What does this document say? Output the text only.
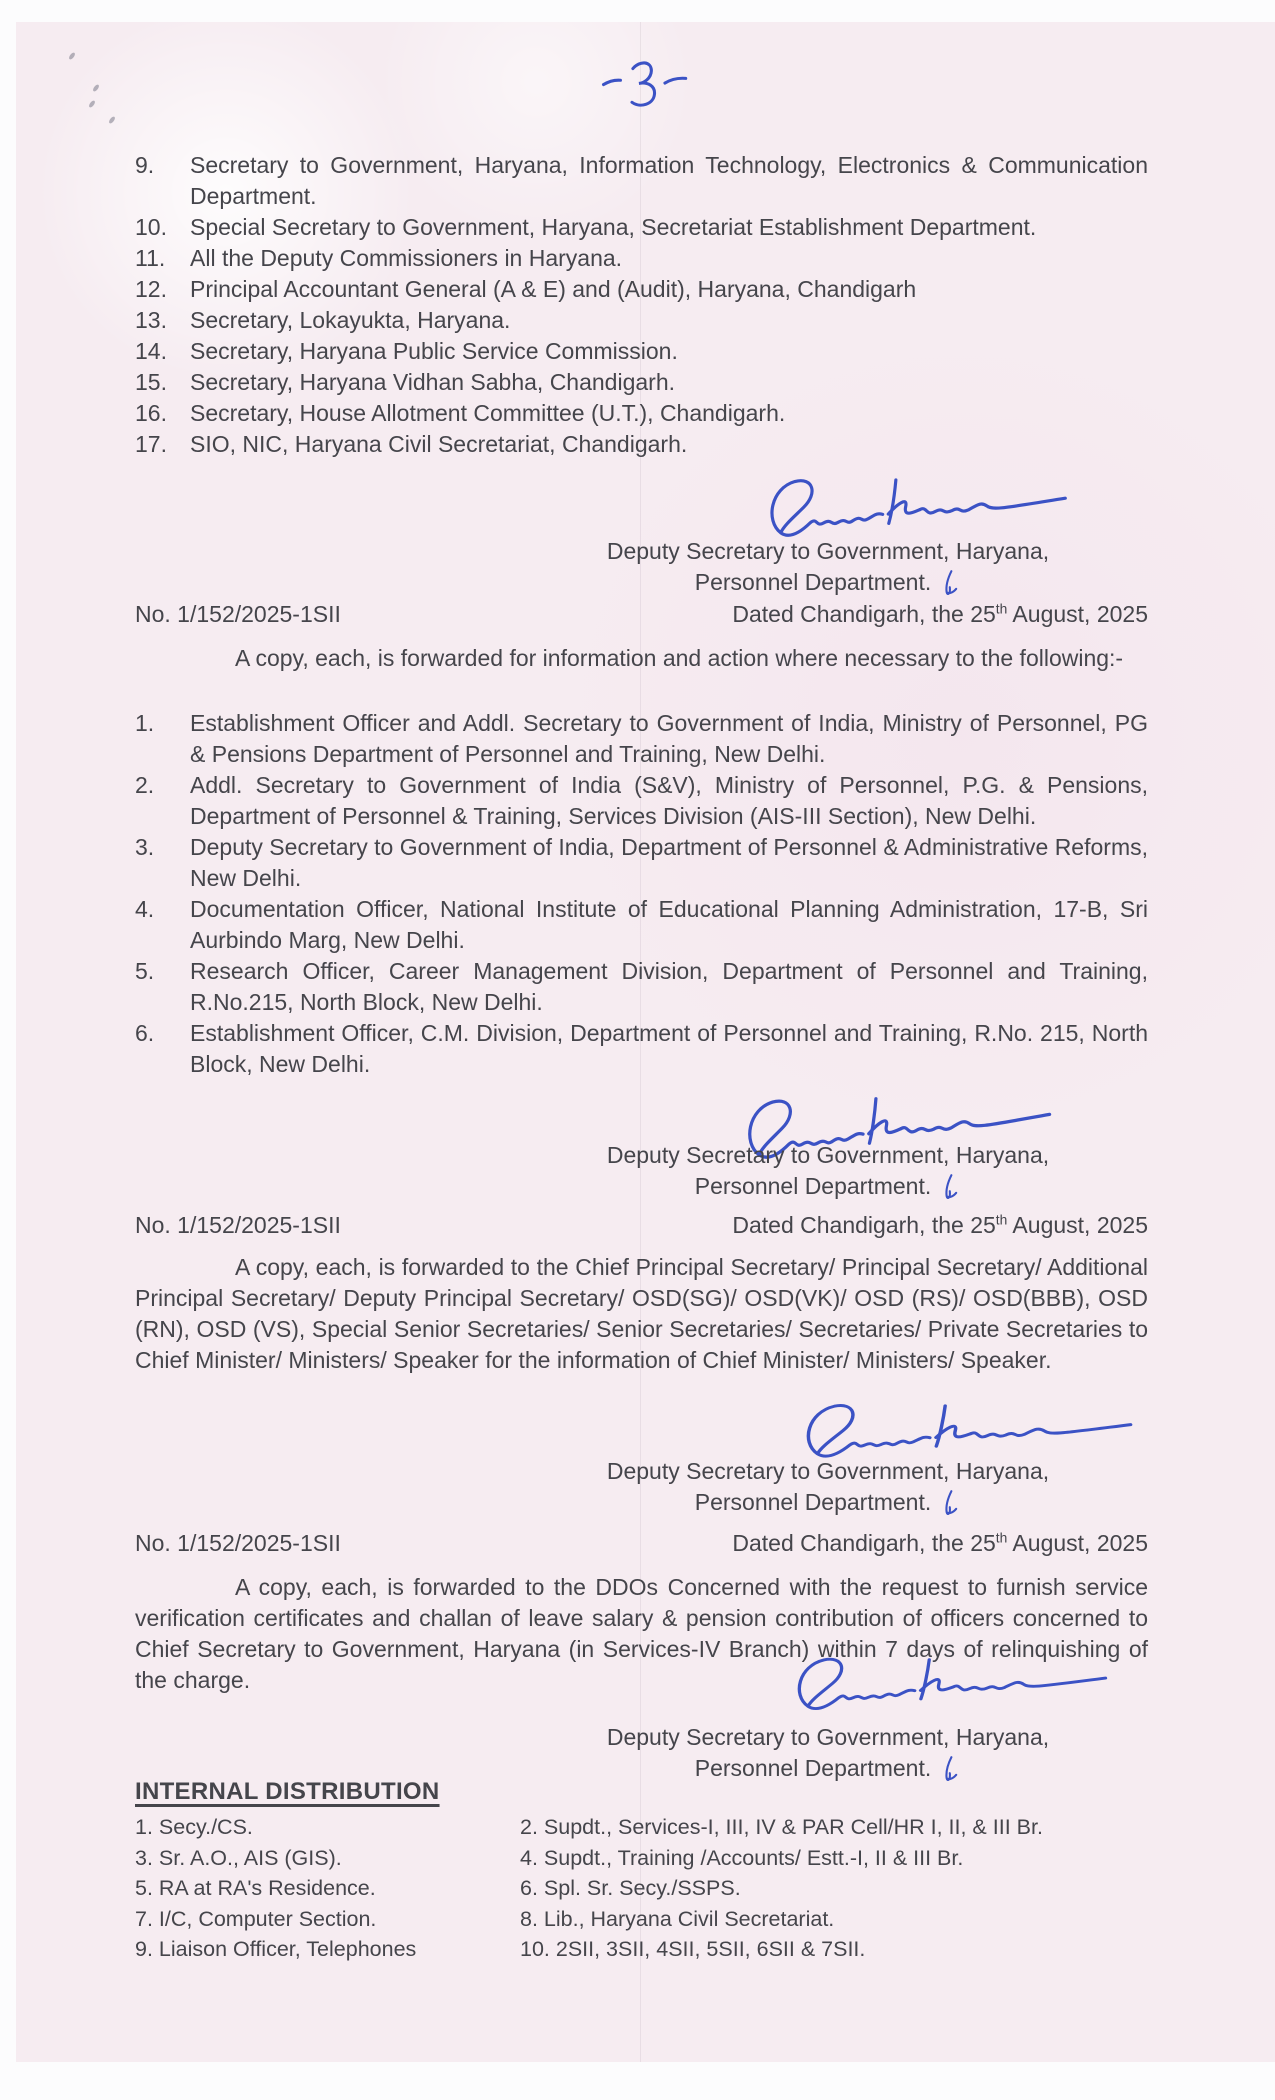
9.	Secretary to Government, Haryana, Information Technology, Electronics & Communication Department.
10.	Special Secretary to Government, Haryana, Secretariat Establishment Department.
11.	All the Deputy Commissioners in Haryana.
12.	Principal Accountant General (A & E) and (Audit), Haryana, Chandigarh
13.	Secretary, Lokayukta, Haryana.
14.	Secretary, Haryana Public Service Commission.
15.	Secretary, Haryana Vidhan Sabha, Chandigarh.
16.	Secretary, House Allotment Committee (U.T.), Chandigarh.
17.	SIO, NIC, Haryana Civil Secretariat, Chandigarh.
Deputy Secretary to Government, Haryana,
Personnel Department.
No. 1/152/2025-1SII	Dated Chandigarh, the 25th August, 2025
A copy, each, is forwarded for information and action where necessary to the following:-
1.	Establishment Officer and Addl. Secretary to Government of India, Ministry of Personnel, PG & Pensions Department of Personnel and Training, New Delhi.
2.	Addl. Secretary to Government of India (S&V), Ministry of Personnel, P.G. & Pensions, Department of Personnel & Training, Services Division (AIS-III Section), New Delhi.
3.	Deputy Secretary to Government of India, Department of Personnel & Administrative Reforms, New Delhi.
4.	Documentation Officer, National Institute of Educational Planning Administration, 17-B, Sri Aurbindo Marg, New Delhi.
5.	Research Officer, Career Management Division, Department of Personnel and Training, R.No.215, North Block, New Delhi.
6.	Establishment Officer, C.M. Division, Department of Personnel and Training, R.No. 215, North Block, New Delhi.
Deputy Secretary to Government, Haryana,
Personnel Department.
No. 1/152/2025-1SII	Dated Chandigarh, the 25th August, 2025
A copy, each, is forwarded to the Chief Principal Secretary/ Principal Secretary/ Additional Principal Secretary/ Deputy Principal Secretary/ OSD(SG)/ OSD(VK)/ OSD (RS)/ OSD(BBB), OSD (RN), OSD (VS), Special Senior Secretaries/ Senior Secretaries/ Secretaries/ Private Secretaries to Chief Minister/ Ministers/ Speaker for the information of Chief Minister/ Ministers/ Speaker.
Deputy Secretary to Government, Haryana,
Personnel Department.
No. 1/152/2025-1SII	Dated Chandigarh, the 25th August, 2025
A copy, each, is forwarded to the DDOs Concerned with the request to furnish service verification certificates and challan of leave salary & pension contribution of officers concerned to Chief Secretary to Government, Haryana (in Services-IV Branch) within 7 days of relinquishing of the charge.
Deputy Secretary to Government, Haryana,
Personnel Department.
INTERNAL DISTRIBUTION
1. Secy./CS.	2. Supdt., Services-I, III, IV & PAR Cell/HR I, II, & III Br.
3. Sr. A.O., AIS (GIS).	4. Supdt., Training /Accounts/ Estt.-I, II & III Br.
5. RA at RA's Residence.	6. Spl. Sr. Secy./SSPS.
7. I/C, Computer Section.	8. Lib., Haryana Civil Secretariat.
9. Liaison Officer, Telephones	10. 2SII, 3SII, 4SII, 5SII, 6SII & 7SII.
